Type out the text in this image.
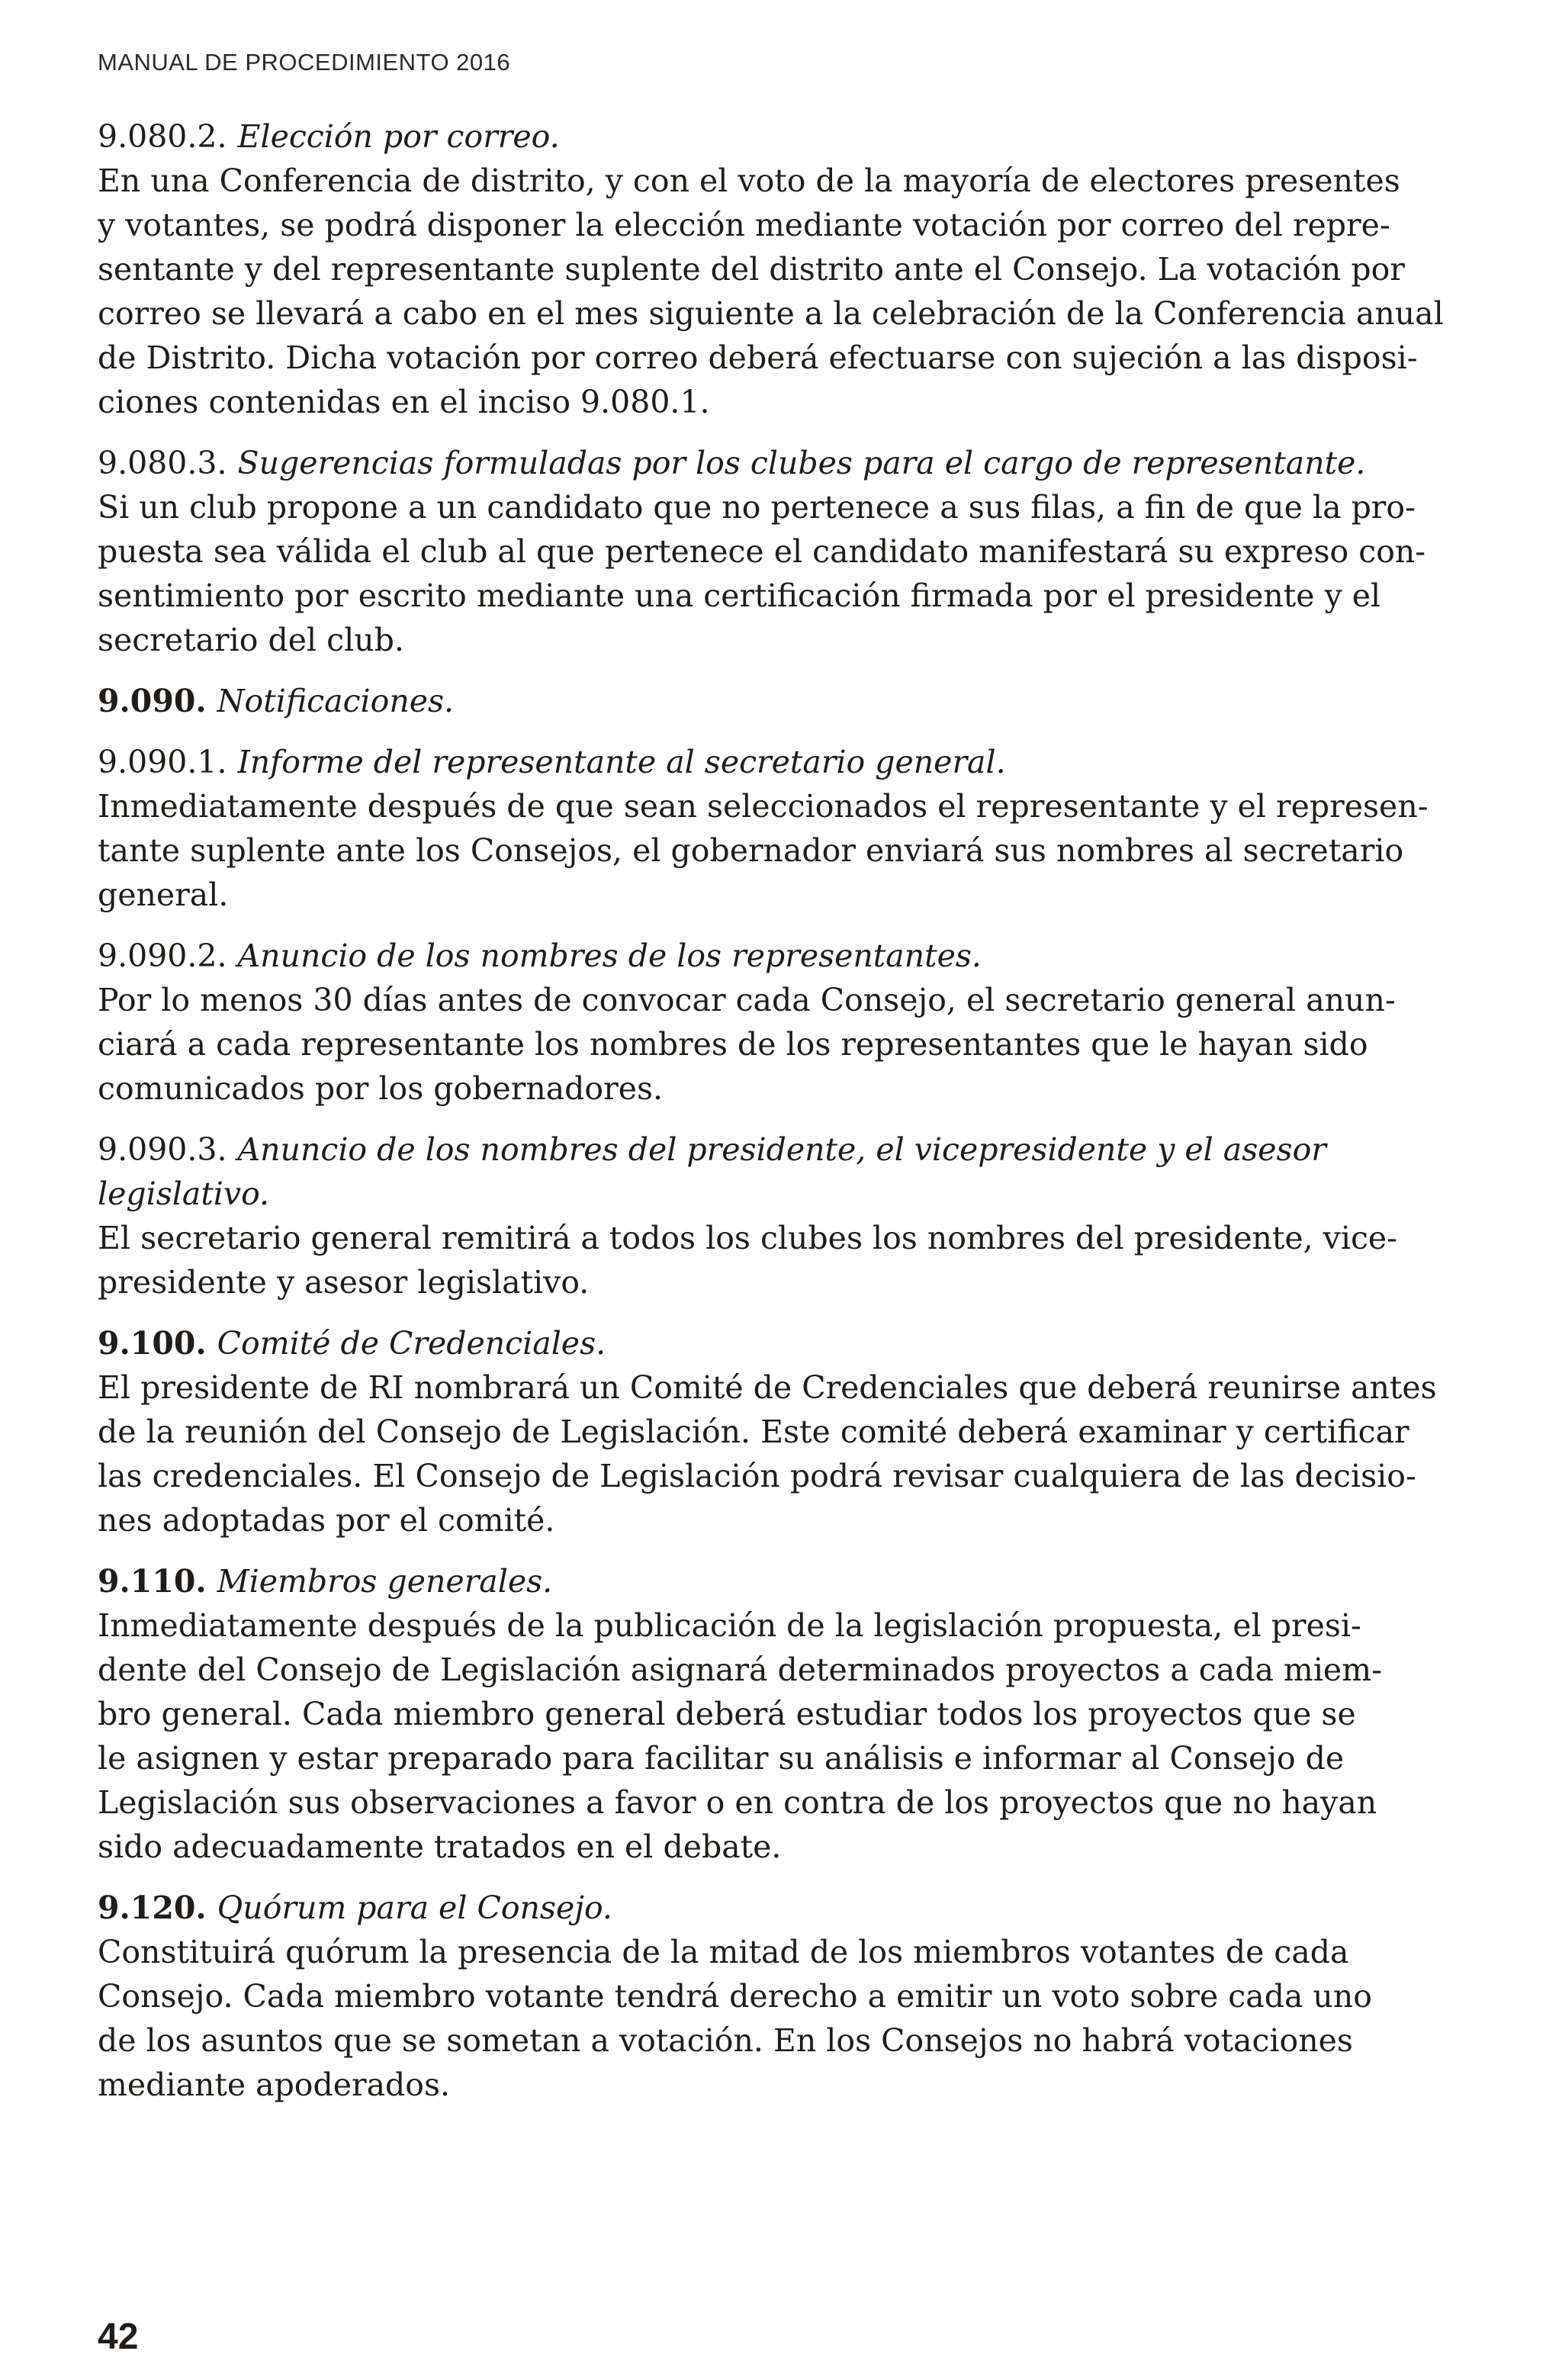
MANUAL DE PROCEDIMIENTO 2016
9.080.2. Elección por correo.

En una Conferencia de distrito, y con el voto de la mayoría de electores presentes

y votantes, se podrá disponer la elección mediante votación por correo del repre-

sentante y del representante suplente del distrito ante el Consejo. La votación por

correo se llevará a cabo en el mes siguiente a la celebración de la Conferencia anual

de Distrito. Dicha votación por correo deberá efectuarse con sujeción a las disposi-

ciones contenidas en el inciso 9.080.1.

9.080.3. Sugerencias formuladas por los clubes para el cargo de representante.

Si un club propone a un candidato que no pertenece a sus filas, a fin de que la pro-

puesta sea válida el club al que pertenece el candidato manifestará su expreso con-

sentimiento por escrito mediante una certificación firmada por el presidente y el

secretario del club.

9.090. Notificaciones.
9.090.1. Informe del representante al secretario general.

Inmediatamente después de que sean seleccionados el representante y el represen-

tante suplente ante los Consejos, el gobernador enviará sus nombres al secretario

general.

9.090.2. Anuncio de los nombres de los representantes.

Por lo menos 30 días antes de convocar cada Consejo, el secretario general anun-

ciará a cada representante los nombres de los representantes que le hayan sido

comunicados por los gobernadores.

9.090.3. Anuncio de los nombres del presidente, el vicepresidente y el asesor

legislativo.

El secretario general remitirá a todos los clubes los nombres del presidente, vice-

presidente y asesor legislativo.

9.100. Comité de Credenciales.

El presidente de RI nombrará un Comité de Credenciales que deberá reunirse antes

de la reunión del Consejo de Legislación. Este comité deberá examinar y certificar

las credenciales. El Consejo de Legislación podrá revisar cualquiera de las decisio-

nes adoptadas por el comité.

9.110. Miembros generales.

Inmediatamente después de la publicación de la legislación propuesta, el presi-

dente del Consejo de Legislación asignará determinados proyectos a cada miem-

bro general. Cada miembro general deberá estudiar todos los proyectos que se

le asignen y estar preparado para facilitar su análisis e informar al Consejo de

Legislación sus observaciones a favor o en contra de los proyectos que no hayan

sido adecuadamente tratados en el debate.

9.120. Quórum para el Consejo.

Constituirá quórum la presencia de la mitad de los miembros votantes de cada

Consejo. Cada miembro votante tendrá derecho a emitir un voto sobre cada uno

de los asuntos que se sometan a votación. En los Consejos no habrá votaciones

mediante apoderados.

42
